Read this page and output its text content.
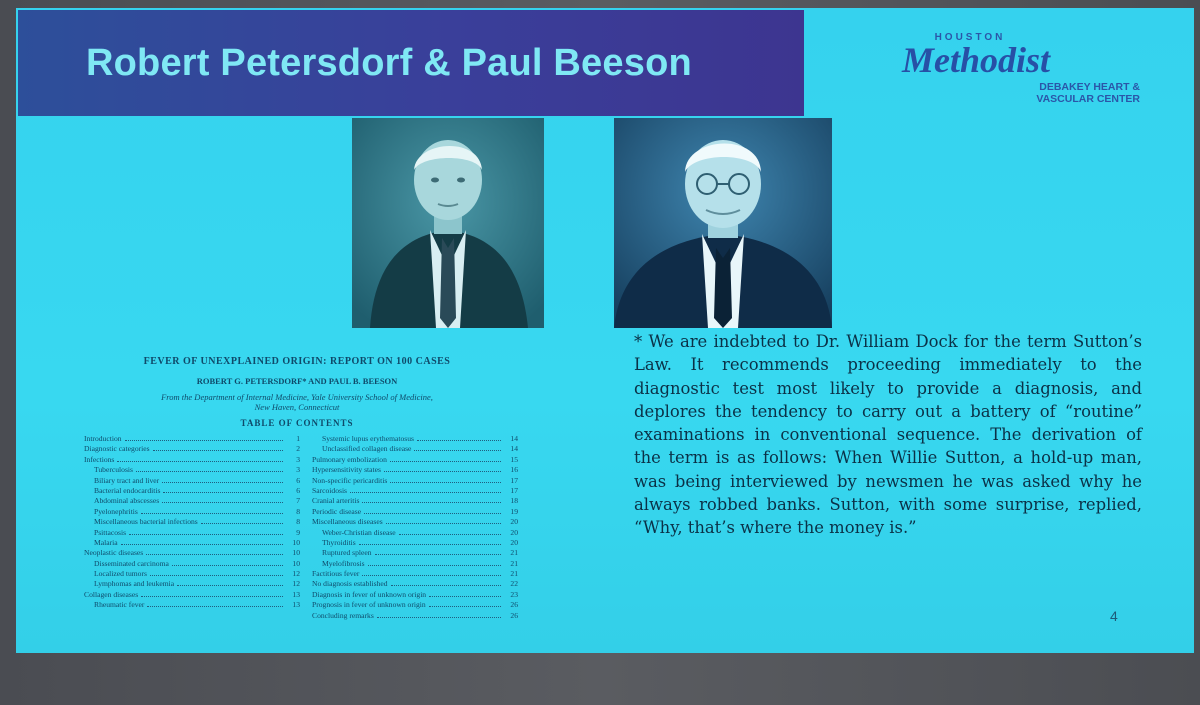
Robert Petersdorf & Paul Beeson
HOUSTON
Methodist
DEBAKEY HEART &
VASCULAR CENTER
FEVER OF UNEXPLAINED ORIGIN: REPORT ON 100 CASES
ROBERT G. PETERSDORF* AND PAUL B. BEESON
From the Department of Internal Medicine, Yale University School of Medicine,
New Haven, Connecticut
TABLE OF CONTENTS
Introduction	1
Diagnostic categories	2
Infections	3
Tuberculosis	3
Biliary tract and liver	6
Bacterial endocarditis	6
Abdominal abscesses	7
Pyelonephritis	8
Miscellaneous bacterial infections	8
Psittacosis	9
Malaria	10
Neoplastic diseases	10
Disseminated carcinoma	10
Localized tumors	12
Lymphomas and leukemia	12
Collagen diseases	13
Rheumatic fever	13
Systemic lupus erythematosus	14
Unclassified collagen disease	14
Pulmonary embolization	15
Hypersensitivity states	16
Non-specific pericarditis	17
Sarcoidosis	17
Cranial arteritis	18
Periodic disease	19
Miscellaneous diseases	20
Weber-Christian disease	20
Thyroiditis	20
Ruptured spleen	21
Myelofibrosis	21
Factitious fever	21
No diagnosis established	22
Diagnosis in fever of unknown origin	23
Prognosis in fever of unknown origin	26
Concluding remarks	26
* We are indebted to Dr. William Dock for the term Sutton’s Law. It recommends proceeding immediately to the diagnostic test most likely to provide a diagnosis, and deplores the tendency to carry out a battery of “routine” examinations in conventional sequence. The derivation of the term is as follows: When Willie Sutton, a hold-up man, was being interviewed by newsmen he was asked why he always robbed banks. Sutton, with some surprise, replied, “Why, that’s where the money is.”
4
